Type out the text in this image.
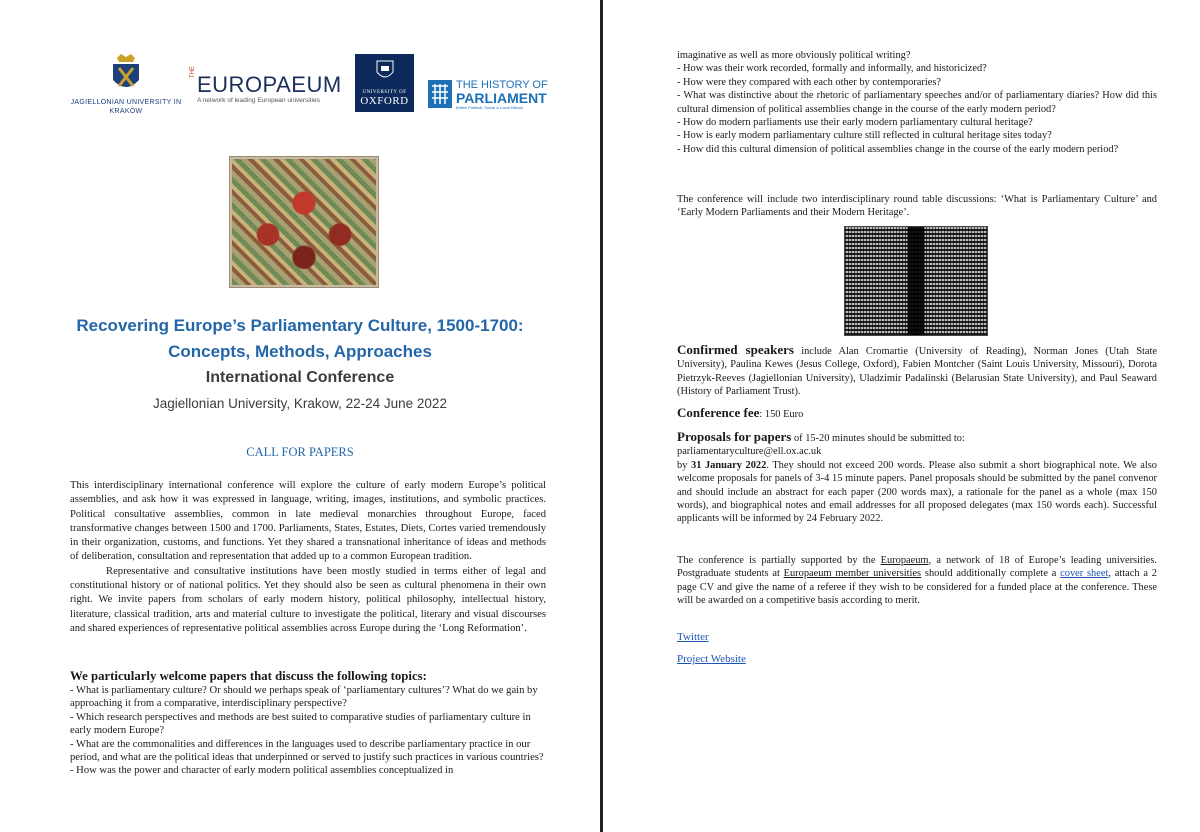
JAGIELLONIAN UNIVERSITY IN KRAKÓW
THE EUROPAEUM
A network of leading European universities
UNIVERSITY OF
OXFORD
THE HISTORY OF
PARLIAMENT
British Political, Social & Local History
Recovering Europe’s Parliamentary Culture, 1500-1700:
Concepts, Methods, Approaches
International Conference
Jagiellonian University, Krakow, 22-24 June 2022
CALL FOR PAPERS

This interdisciplinary international conference will explore the culture of early modern Europe’s political assemblies, and ask how it was expressed in language, writing, images, institutions, and symbolic practices. Political consultative assemblies, common in late medieval monarchies throughout Europe, faced transformative changes between 1500 and 1700. Parliaments, States, Estates, Diets, Cortes varied tremendously in their organization, customs, and functions. Yet they shared a transnational inheritance of ideas and methods of deliberation, consultation and representation that added up to a common European tradition.

Representative and consultative institutions have been mostly studied in terms either of legal and constitutional history or of national politics. Yet they should also be seen as cultural phenomena in their own right. We invite papers from scholars of early modern history, political philosophy, intellectual history, literature, classical tradition, arts and material culture to investigate the political, literary and visual discourses and shared experiences of representative political assemblies across Europe during the ‘Long Reformation’.

We particularly welcome papers that discuss the following topics:
- What is parliamentary culture? Or should we perhaps speak of ‘parliamentary cultures’? What do we gain by approaching it from a comparative, interdisciplinary perspective?
- Which research perspectives and methods are best suited to comparative studies of parliamentary culture in early modern Europe?
- What are the commonalities and differences in the languages used to describe parliamentary practice in our period, and what are the political ideas that underpinned or served to justify such practices in various countries?
- How was the power and character of early modern political assemblies conceptualized in
imaginative as well as more obviously political writing?
- How was their work recorded, formally and informally, and historicized?
- How were they compared with each other by contemporaries?
- What was distinctive about the rhetoric of parliamentary speeches and/or of parliamentary diaries? How did this cultural dimension of political assemblies change in the course of the early modern period?
- How do modern parliaments use their early modern parliamentary cultural heritage?
- How is early modern parliamentary culture still reflected in cultural heritage sites today?
- How did this cultural dimension of political assemblies change in the course of the early modern period?
The conference will include two interdisciplinary round table discussions: ‘What is Parliamentary Culture’ and ‘Early Modern Parliaments and their Modern Heritage’.
Confirmed speakers include Alan Cromartie (University of Reading), Norman Jones (Utah State University), Paulina Kewes (Jesus College, Oxford), Fabien Montcher (Saint Louis University, Missouri), Dorota Pietrzyk-Reeves (Jagiellonian University), Uladzimir Padalinski (Belarusian State University), and Paul Seaward (History of Parliament Trust).
Conference fee: 150 Euro
Proposals for papers of 15-20 minutes should be submitted to:
parliamentaryculture@ell.ox.ac.uk
by 31 January 2022. They should not exceed 200 words. Please also submit a short biographical note. We also welcome proposals for panels of 3-4 15 minute papers. Panel proposals should be submitted by the panel convenor and should include an abstract for each paper (200 words max), a rationale for the panel as a whole (max 150 words), and biographical notes and email addresses for all proposed delegates (max 150 words each). Successful applicants will be informed by 24 February 2022.
The conference is partially supported by the Europaeum, a network of 18 of Europe’s leading universities. Postgraduate students at Europaeum member universities should additionally complete a cover sheet, attach a 2 page CV and give the name of a referee if they wish to be considered for a funded place at the conference. These will be awarded on a competitive basis according to merit.
Twitter
Project Website
